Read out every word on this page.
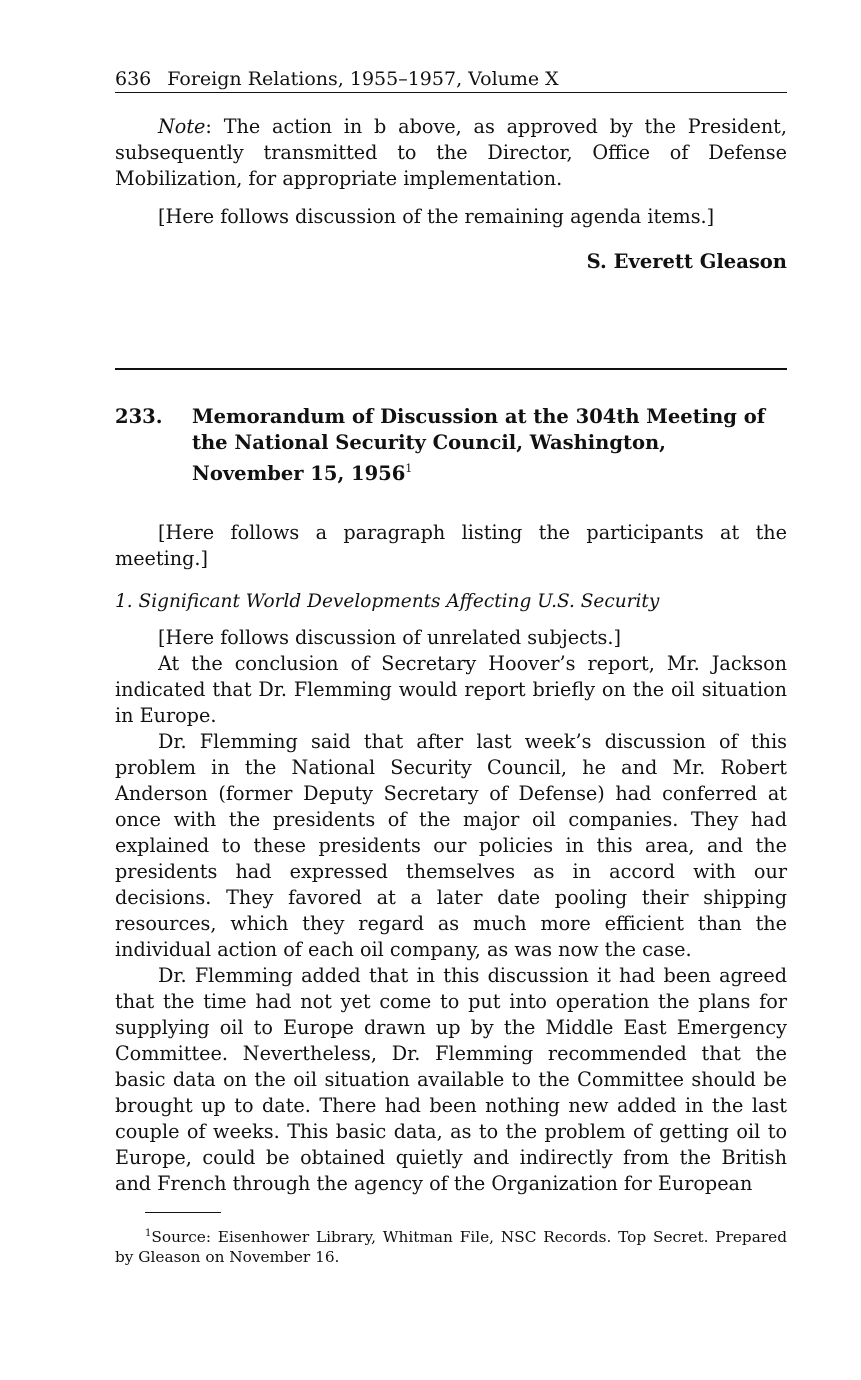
636 Foreign Relations, 1955–1957, Volume X

Note: The action in b above, as approved by the President, subsequently transmitted to the Director, Office of Defense Mobilization, for appropriate implementation.

[Here follows discussion of the remaining agenda items.]

S. Everett Gleason
233. Memorandum of Discussion at the 304th Meeting of the National Security Council, Washington, November 15, 1956$^1$

[Here follows a paragraph listing the participants at the meeting.]

1. Significant World Developments Affecting U.S. Security

[Here follows discussion of unrelated subjects.]

At the conclusion of Secretary Hoover’s report, Mr. Jackson indicated that Dr. Flemming would report briefly on the oil situation in Europe.

Dr. Flemming said that after last week’s discussion of this problem in the National Security Council, he and Mr. Robert Anderson (former Deputy Secretary of Defense) had conferred at once with the presidents of the major oil companies. They had explained to these presidents our policies in this area, and the presidents had expressed themselves as in accord with our decisions. They favored at a later date pooling their shipping resources, which they regard as much more efficient than the individual action of each oil company, as was now the case.

Dr. Flemming added that in this discussion it had been agreed that the time had not yet come to put into operation the plans for supplying oil to Europe drawn up by the Middle East Emergency Committee. Nevertheless, Dr. Flemming recommended that the basic data on the oil situation available to the Committee should be brought up to date. There had been nothing new added in the last couple of weeks. This basic data, as to the problem of getting oil to Europe, could be obtained quietly and indirectly from the British and French through the agency of the Organization for European

$^1$Source: Eisenhower Library, Whitman File, NSC Records. Top Secret. Prepared by Gleason on November 16.
